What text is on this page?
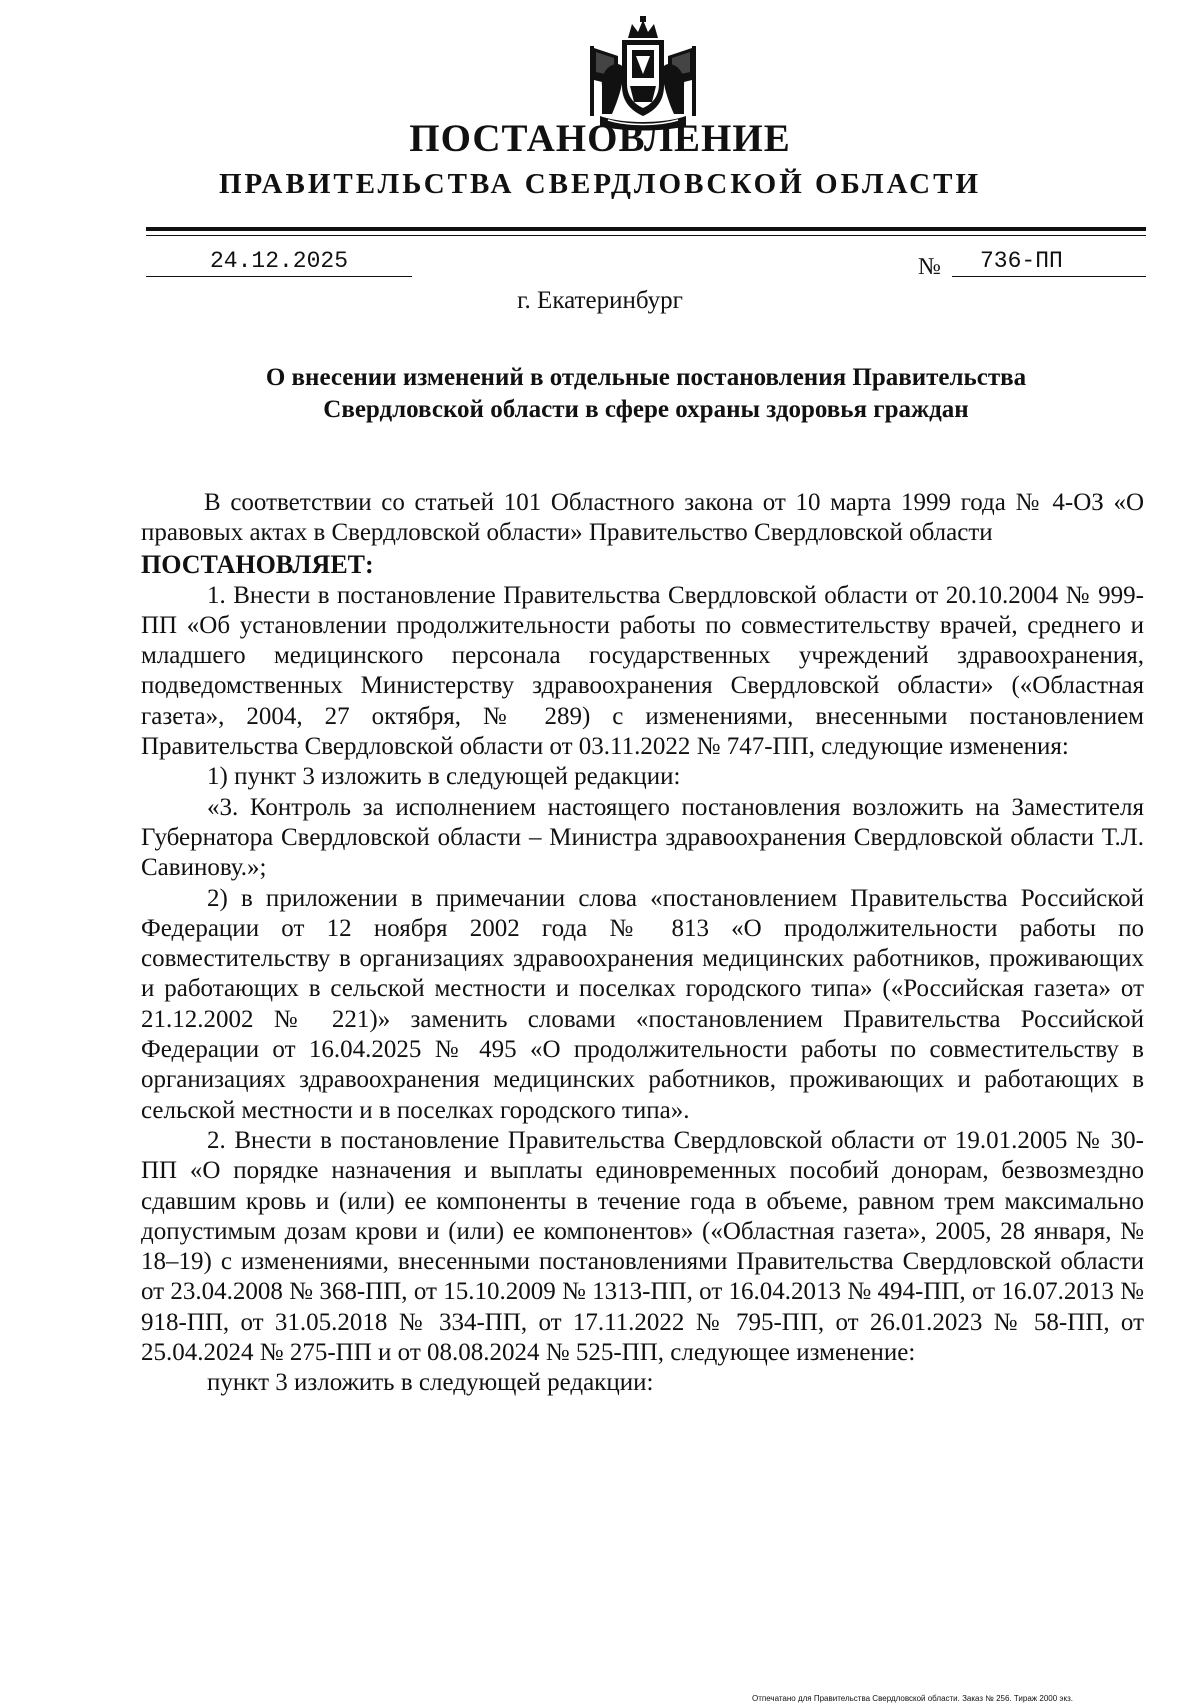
ПОСТАНОВЛЕНИЕ
ПРАВИТЕЛЬСТВА СВЕРДЛОВСКОЙ ОБЛАСТИ
24.12.2025	№	736-ПП
г. Екатеринбург
О внесении изменений в отдельные постановления Правительства
Свердловской области в сфере охраны здоровья граждан

В соответствии со статьей 101 Областного закона от 10 марта 1999 года № 4-ОЗ «О правовых актах в Свердловской области» Правительство Свердловской области

ПОСТАНОВЛЯЕТ:

1. Внести в постановление Правительства Свердловской области от 20.10.2004 № 999-ПП «Об установлении продолжительности работы по совместительству врачей, среднего и младшего медицинского персонала государственных учреждений здравоохранения, подведомственных Министерству здравоохранения Свердловской области» («Областная газета», 2004, 27 октября, № 289) с изменениями, внесенными постановлением Правительства Свердловской области от 03.11.2022 № 747-ПП, следующие изменения:

1) пункт 3 изложить в следующей редакции:

«3. Контроль за исполнением настоящего постановления возложить на Заместителя Губернатора Свердловской области – Министра здравоохранения Свердловской области Т.Л. Савинову.»;

2) в приложении в примечании слова «постановлением Правительства Российской Федерации от 12 ноября 2002 года № 813 «О продолжительности работы по совместительству в организациях здравоохранения медицинских работников, проживающих и работающих в сельской местности и поселках городского типа» («Российская газета» от 21.12.2002 № 221)» заменить словами «постановлением Правительства Российской Федерации от 16.04.2025 № 495 «О продолжительности работы по совместительству в организациях здравоохранения медицинских работников, проживающих и работающих в сельской местности и в поселках городского типа».

2. Внести в постановление Правительства Свердловской области от 19.01.2005 № 30-ПП «О порядке назначения и выплаты единовременных пособий донорам, безвозмездно сдавшим кровь и (или) ее компоненты в течение года в объеме, равном трем максимально допустимым дозам крови и (или) ее компонентов» («Областная газета», 2005, 28 января, № 18–19) с изменениями, внесенными постановлениями Правительства Свердловской области от 23.04.2008 № 368-ПП, от 15.10.2009 № 1313-ПП, от 16.04.2013 № 494-ПП, от 16.07.2013 № 918-ПП, от 31.05.2018 № 334-ПП, от 17.11.2022 № 795-ПП, от 26.01.2023 № 58-ПП, от 25.04.2024 № 275-ПП и от 08.08.2024 № 525-ПП, следующее изменение:

пункт 3 изложить в следующей редакции:

Отпечатано для Правительства Свердловской области. Заказ № 256. Тираж 2000 экз.
